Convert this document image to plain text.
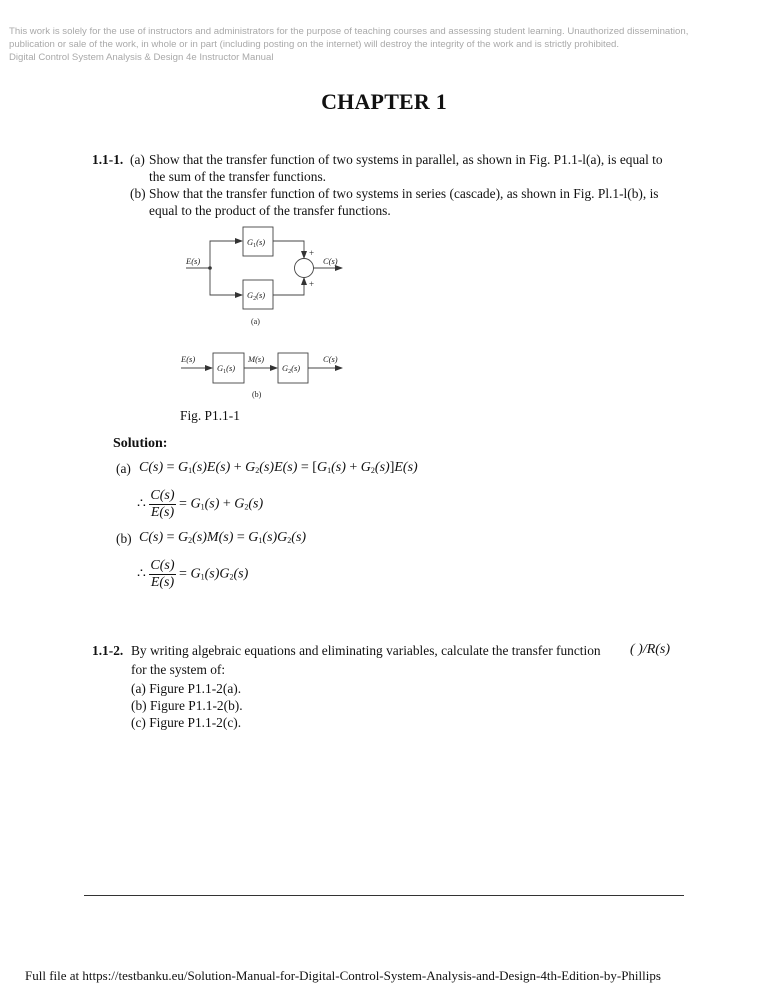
This work is solely for the use of instructors and administrators for the purpose of teaching courses and assessing student learning. Unauthorized dissemination,
publication or sale of the work, in whole or in part (including posting on the internet) will destroy the integrity of the work and is strictly prohibited.
Digital Control System Analysis & Design 4e Instructor Manual
CHAPTER 1
1.1-1. (a) Show that the transfer function of two systems in parallel, as shown in Fig. P1.1-l(a), is equal to
the sum of the transfer functions.
(b) Show that the transfer function of two systems in series (cascade), as shown in Fig. Pl.1-l(b), is
equal to the product of the transfer functions.
E(s)	C(s)
$G_1(s)$
$G_2(s)$
+
+
(a)
E(s)	M(s)	C(s)
$G_1(s)$	$G_2(s)$
(b)
Fig. P1.1-1
Solution:
(a) $C(s) = G_1(s)E(s) + G_2(s)E(s) = [G_1(s) + G_2(s)]E(s)$
∴ $\frac{C(s)}{E(s)} = G_1(s) + G_2(s)$
(b) $C(s) = G_2(s)M(s) = G_1(s)G_2(s)$
∴ $\frac{C(s)}{E(s)} = G_1(s)G_2(s)$
1.1-2. By writing algebraic equations and eliminating variables, calculate the transfer function ( )/R(s)
for the system of:
(a) Figure P1.1-2(a).
(b) Figure P1.1-2(b).
(c) Figure P1.1-2(c).
Full file at https://testbanku.eu/Solution-Manual-for-Digital-Control-System-Analysis-and-Design-4th-Edition-by-Phillips
